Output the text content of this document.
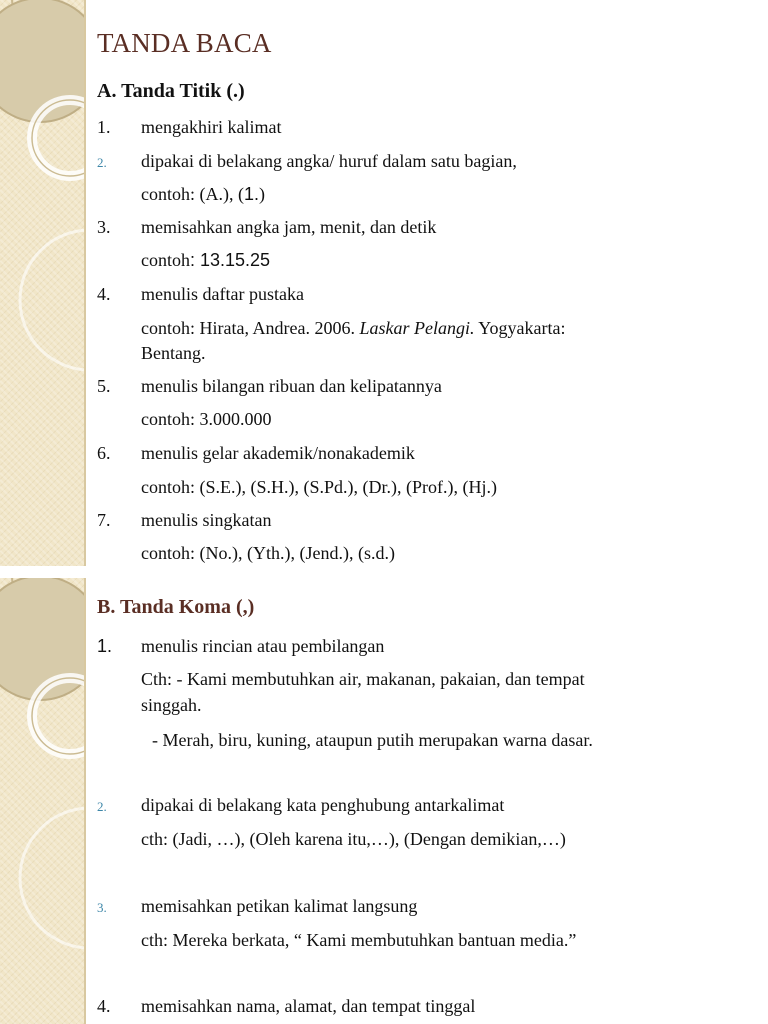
TANDA BACA
A. Tanda Titik (.)
1.	mengakhiri kalimat
2.	dipakai di belakang angka/ huruf dalam satu bagian,
contoh: (A.), (1.)
3.	memisahkan angka jam, menit, dan detik
contoh: 13.15.25
4.	menulis daftar pustaka
contoh: Hirata, Andrea. 2006. Laskar Pelangi. Yogyakarta:
Bentang.
5.	menulis bilangan ribuan dan kelipatannya
contoh: 3.000.000
6.	menulis gelar akademik/nonakademik
contoh: (S.E.), (S.H.), (S.Pd.), (Dr.), (Prof.), (Hj.)
7.	menulis singkatan
contoh: (No.), (Yth.), (Jend.), (s.d.)
B. Tanda Koma (,)
1.	menulis rincian atau pembilangan
Cth: - Kami membutuhkan air, makanan, pakaian, dan tempat
singgah.
- Merah, biru, kuning, ataupun putih merupakan warna dasar.
2.	dipakai di belakang kata penghubung antarkalimat
cth: (Jadi, …), (Oleh karena itu,…), (Dengan demikian,…)
3.	memisahkan petikan kalimat langsung
cth: Mereka berkata, “ Kami membutuhkan bantuan media.”
4.	memisahkan nama, alamat, dan tempat tinggal
